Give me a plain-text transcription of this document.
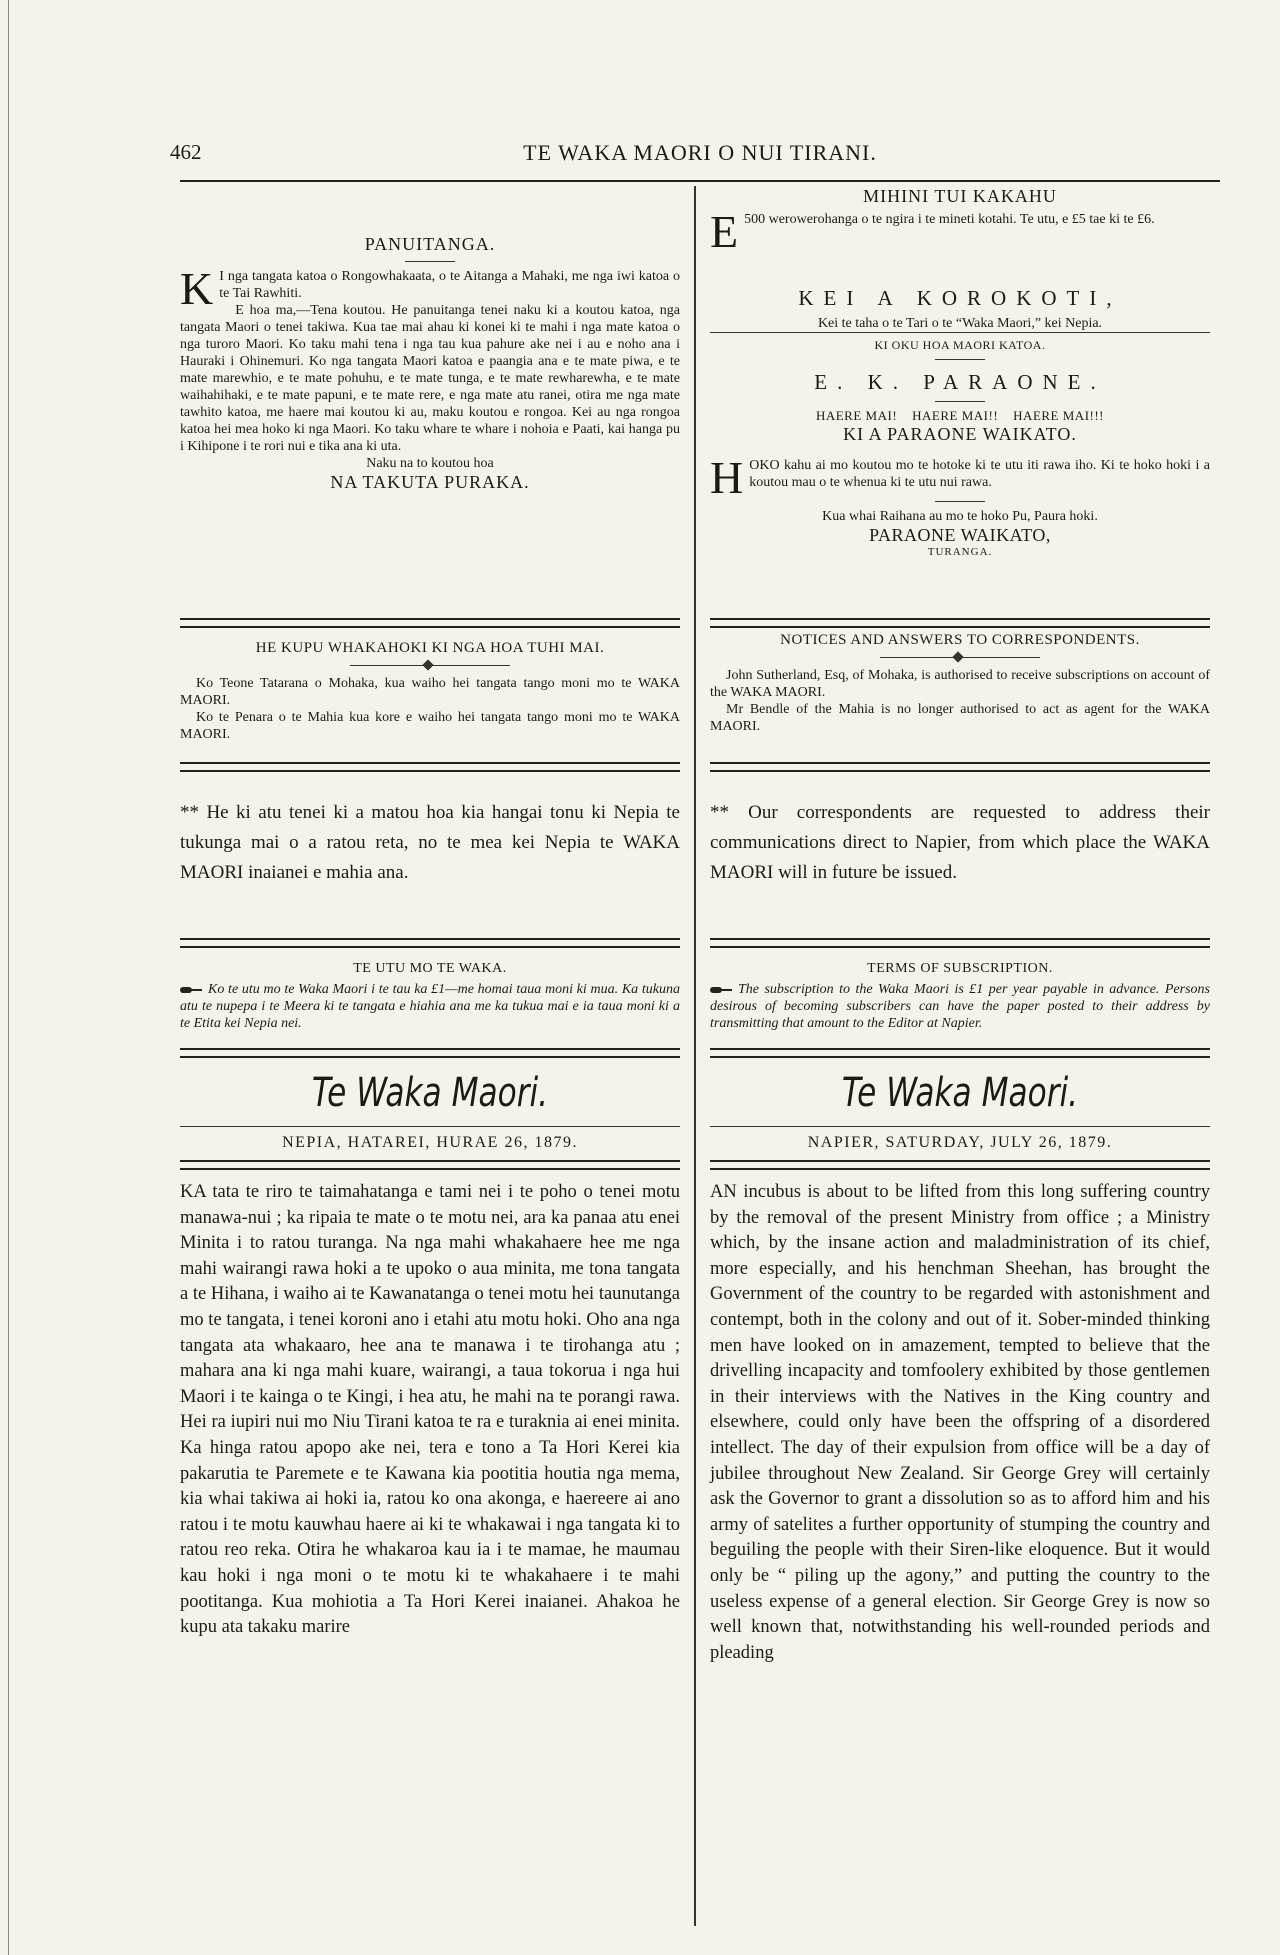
462	TE WAKA MAORI O NUI TIRANI.
PANUITANGA.
K I nga tangata katoa o Rongowhakaata, o te Aitanga a Mahaki, me nga iwi katoa o te Tai Rawhiti.

E hoa ma,—Tena koutou. He panuitanga tenei naku ki a koutou katoa, nga tangata Maori o tenei takiwa. Kua tae mai ahau ki konei ki te mahi i nga mate katoa o nga turoro Maori. Ko taku mahi tena i nga tau kua pahure ake nei i au e noho ana i Hauraki i Ohinemuri. Ko nga tangata Maori katoa e paangia ana e te mate piwa, e te mate marewhio, e te mate pohuhu, e te mate tunga, e te mate rewharewha, e te mate waihahihaki, e te mate papuni, e te mate rere, e nga mate atu ranei, otira me nga mate tawhito katoa, me haere mai koutou ki au, maku koutou e rongoa. Kei au nga rongoa katoa hei mea hoko ki nga Maori. Ko taku whare te whare i nohoia e Paati, kai hanga pu i Kihipone i te rori nui e tika ana ki uta.

Naku na to koutou hoa
NA TAKUTA PURAKA.
HE KUPU WHAKAHOKI KI NGA HOA TUHI MAI.

Ko Teone Tatarana o Mohaka, kua waiho hei tangata tango moni mo te WAKA MAORI.

Ko te Penara o te Mahia kua kore e waiho hei tangata tango moni mo te WAKA MAORI.

** He ki atu tenei ki a matou hoa kia hangai tonu ki Nepia te tukunga mai o a ratou reta, no te mea kei Nepia te WAKA MAORI inaianei e mahia ana.
TE UTU MO TE WAKA.
Ko te utu mo te Waka Maori i te tau ka £1—me homai taua moni ki mua. Ka tukuna atu te nupepa i te Meera ki te tangata e hiahia ana me ka tukua mai e ia taua moni ki a te Etita kei Nepia nei.
Te Waka Maori.
NEPIA, HATAREI, HURAE 26, 1879.
KA tata te riro te taimahatanga e tami nei i te poho o tenei motu manawa-nui ; ka ripaia te mate o te motu nei, ara ka panaa atu enei Minita i to ratou turanga. Na nga mahi whakahaere hee me nga mahi wairangi rawa hoki a te upoko o aua minita, me tona tangata a te Hihana, i waiho ai te Kawanatanga o tenei motu hei taunutanga mo te tangata, i tenei koroni ano i etahi atu motu hoki. Oho ana nga tangata ata whakaaro, hee ana te manawa i te tirohanga atu ; mahara ana ki nga mahi kuare, wairangi, a taua tokorua i nga hui Maori i te kainga o te Kingi, i hea atu, he mahi na te porangi rawa. Hei ra iupiri nui mo Niu Tirani katoa te ra e turaknia ai enei minita. Ka hinga ratou apopo ake nei, tera e tono a Ta Hori Kerei kia pakarutia te Paremete e te Kawana kia pootitia houtia nga mema, kia whai takiwa ai hoki ia, ratou ko ona akonga, e haereere ai ano ratou i te motu kauwhau haere ai ki te whakawai i nga tangata ki to ratou reo reka. Otira he whakaroa kau ia i te mamae, he maumau kau hoki i nga moni o te motu ki te whakahaere i te mahi pootitanga. Kua mohiotia a Ta Hori Kerei inaianei. Ahakoa he kupu ata takaku marire
MIHINI TUI KAKAHU
E 500 werowerohanga o te ngira i te mineti kotahi. Te utu, e £5 tae ki te £6.
KEI A KOROKOTI,
Kei te taha o te Tari o te “Waka Maori,” kei Nepia.
KI OKU HOA MAORI KATOA.
E. K. PARAONE.
HAERE MAI!    HAERE MAI!!    HAERE MAI!!!
KI A PARAONE WAIKATO.
H OKO kahu ai mo koutou mo te hotoke ki te utu iti rawa iho. Ki te hoko hoki i a koutou mau o te whenua ki te utu nui rawa.
Kua whai Raihana au mo te hoko Pu, Paura hoki.
PARAONE WAIKATO,
TURANGA.
NOTICES AND ANSWERS TO CORRESPONDENTS.

John Sutherland, Esq, of Mohaka, is authorised to receive subscriptions on account of the WAKA MAORI.

Mr Bendle of the Mahia is no longer authorised to act as agent for the WAKA MAORI.

** Our correspondents are requested to address their communications direct to Napier, from which place the WAKA MAORI will in future be issued.
TERMS OF SUBSCRIPTION.
The subscription to the Waka Maori is £1 per year payable in advance. Persons desirous of becoming subscribers can have the paper posted to their address by transmitting that amount to the Editor at Napier.
Te Waka Maori.
NAPIER, SATURDAY, JULY 26, 1879.
AN incubus is about to be lifted from this long suffering country by the removal of the present Ministry from office ; a Ministry which, by the insane action and maladministration of its chief, more especially, and his henchman Sheehan, has brought the Government of the country to be regarded with astonishment and contempt, both in the colony and out of it. Sober-minded thinking men have looked on in amazement, tempted to believe that the drivelling incapacity and tomfoolery exhibited by those gentlemen in their interviews with the Natives in the King country and elsewhere, could only have been the offspring of a disordered intellect. The day of their expulsion from office will be a day of jubilee throughout New Zealand. Sir George Grey will certainly ask the Governor to grant a dissolution so as to afford him and his army of satelites a further opportunity of stumping the country and beguiling the people with their Siren-like eloquence. But it would only be “ piling up the agony,” and putting the country to the useless expense of a general election. Sir George Grey is now so well known that, notwithstanding his well-rounded periods and pleading
